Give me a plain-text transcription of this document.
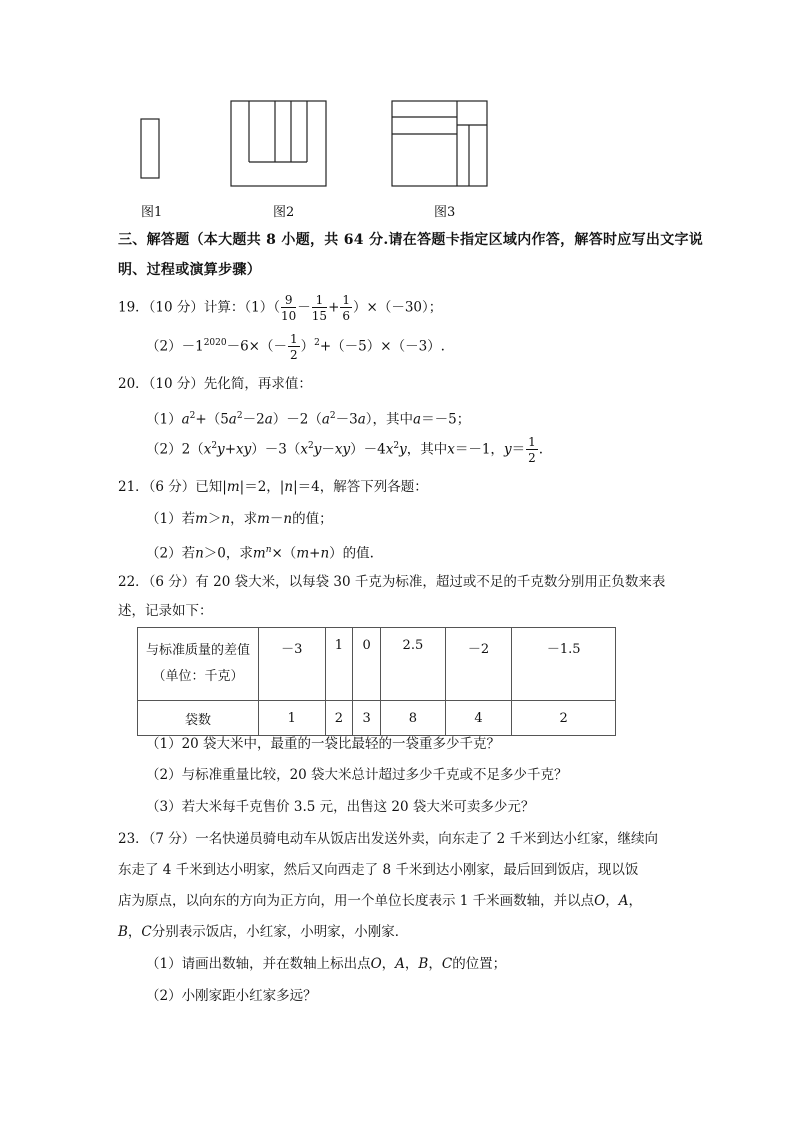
图1	图2	图3
三、解答题（本大题共 8 小题，共 64 分.请在答题卡指定区域内作答，解答时应写出文字说
明、过程或演算步骤）
19．（10 分）计算：$(1)( \frac{9}{10} - \frac{1}{15} + \frac{1}{6} )\times(-30)$；
$(2)-1^{2020}-6\times(- \frac{1}{2} )^2+(-5)\times(-3)$.
20．（10 分）先化简，再求值：
$(1)a^2+(5a^2-2a)-2(a^2-3a)$，其中a＝－5；
$(2)2(x^2y+xy)-3(x^2y-xy)-4x^2y$，其中x＝－1，$y= \frac{1}{2}$ .
21．（6 分）已知|m|＝2，|n|＝4，解答下列各题：
（1）若m＞n，求m－n的值；
（2）若n＞0，求$m^n\times(m+n)$的值.
22．（6 分）有 20 袋大米，以每袋 30 千克为标准，超过或不足的千克数分别用正负数来表
述，记录如下：
与标准质量的差值
（单位：千克）	－3	1	0	2.5	－2	－1.5
袋数	1	2	3	8	4	2
（1）20 袋大米中，最重的一袋比最轻的一袋重多少千克？
（2）与标准重量比较，20 袋大米总计超过多少千克或不足多少千克？
（3）若大米每千克售价 3.5 元，出售这 20 袋大米可卖多少元？
23．（7 分）一名快递员骑电动车从饭店出发送外卖，向东走了 2 千米到达小红家，继续向
东走了 4 千米到达小明家，然后又向西走了 8 千米到达小刚家，最后回到饭店，现以饭
店为原点，以向东的方向为正方向，用一个单位长度表示 1 千米画数轴，并以点O，A，
B，C分别表示饭店，小红家，小明家，小刚家．
（1）请画出数轴，并在数轴上标出点O，A，B，C的位置；
（2）小刚家距小红家多远？
